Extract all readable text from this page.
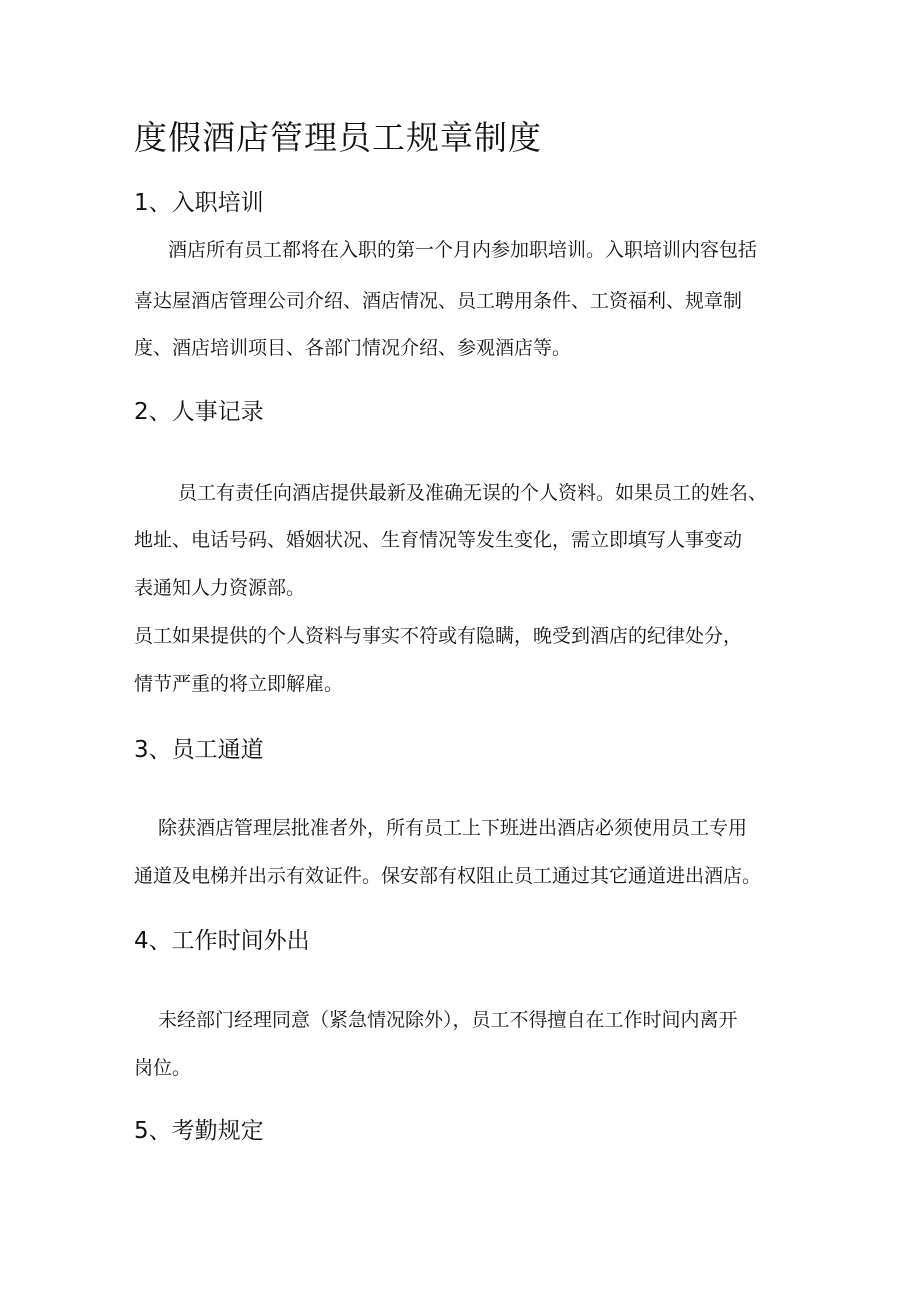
度假酒店管理员工规章制度
1、入职培训

酒店所有员工都将在入职的第一个月内参加职培训。入职培训内容包括

喜达屋酒店管理公司介绍、酒店情况、员工聘用条件、工资福利、规章制

度、酒店培训项目、各部门情况介绍、参观酒店等。

2、人事记录

员工有责任向酒店提供最新及准确无误的个人资料。如果员工的姓名、

地址、电话号码、婚姻状况、生育情况等发生变化，需立即填写人事变动

表通知人力资源部。

员工如果提供的个人资料与事实不符或有隐瞒，晚受到酒店的纪律处分，

情节严重的将立即解雇。

3、员工通道

除获酒店管理层批准者外，所有员工上下班进出酒店必须使用员工专用

通道及电梯并出示有效证件。保安部有权阻止员工通过其它通道进出酒店。

4、工作时间外出

未经部门经理同意（紧急情况除外），员工不得擅自在工作时间内离开

岗位。

5、考勤规定
